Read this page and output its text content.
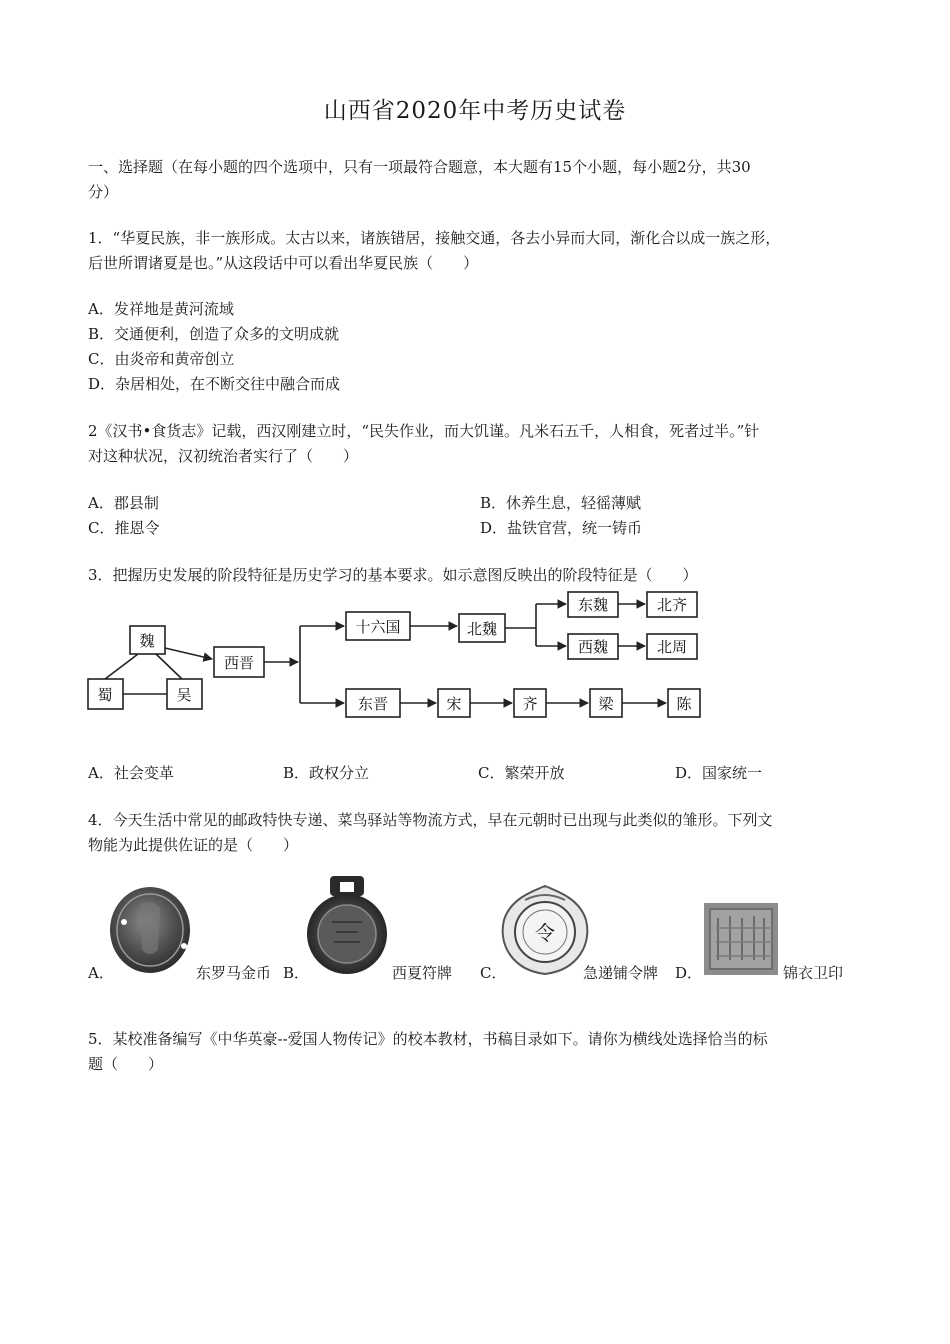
山西省2020年中考历史试卷
一、选择题（在每小题的四个选项中，只有一项最符合题意，本大题有15个小题，每小题2分，共30
分）
1．“华夏民族，非一族形成。太古以来，诸族错居，接触交通，各去小异而大同，渐化合以成一族之形，
后世所谓诸夏是也。”从这段话中可以看出华夏民族（　　）
A．发祥地是黄河流域
B．交通便利，创造了众多的文明成就
C．由炎帝和黄帝创立
D．杂居相处，在不断交往中融合而成
2《汉书•食货志》记载，西汉刚建立时，“民失作业，而大饥谨。凡米石五千，人相食，死者过半。”针
对这种状况，汉初统治者实行了（　　）
A．郡县制	B．休养生息，轻徭薄赋
C．推恩令	D．盐铁官营，统一铸币
3．把握历史发展的阶段特征是历史学习的基本要求。如示意图反映出的阶段特征是（　　）
魏
蜀	吴
西晋
十六国	北魏
东魏
西魏
北齐
北周
东晋	宋	齐	梁	陈
A．社会变革	B．政权分立	C．繁荣开放	D．国家统一
4．今天生活中常见的邮政特快专递、菜鸟驿站等物流方式，早在元朝时已出现与此类似的雏形。下列文
物能为此提供佐证的是（　　）
令
A．	东罗马金币 B．	西夏符牌 C．	急递铺令牌 D．	锦衣卫印
5．某校准备编写《中华英豪--爱国人物传记》的校本教材，书稿目录如下。请你为横线处选择恰当的标
题（　　）
